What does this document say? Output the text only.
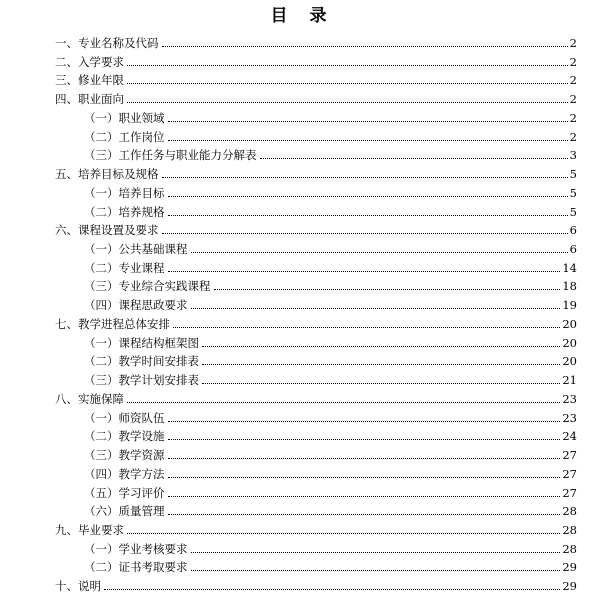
目 录
一、专业名称及代码	2
二、入学要求	2
三、修业年限	2
四、职业面向	2
（一）职业领域	2
（二）工作岗位	2
（三）工作任务与职业能力分解表	3
五、培养目标及规格	5
（一）培养目标	5
（二）培养规格	5
六、课程设置及要求	6
（一）公共基础课程	6
（二）专业课程	14
（三）专业综合实践课程	18
（四）课程思政要求	19
七、教学进程总体安排	20
（一）课程结构框架图	20
（二）教学时间安排表	20
（三）教学计划安排表	21
八、实施保障	23
（一）师资队伍	23
（二）教学设施	24
（三）教学资源	27
（四）教学方法	27
（五）学习评价	27
（六）质量管理	28
九、毕业要求	28
（一）学业考核要求	28
（二）证书考取要求	29
十、说明	29
